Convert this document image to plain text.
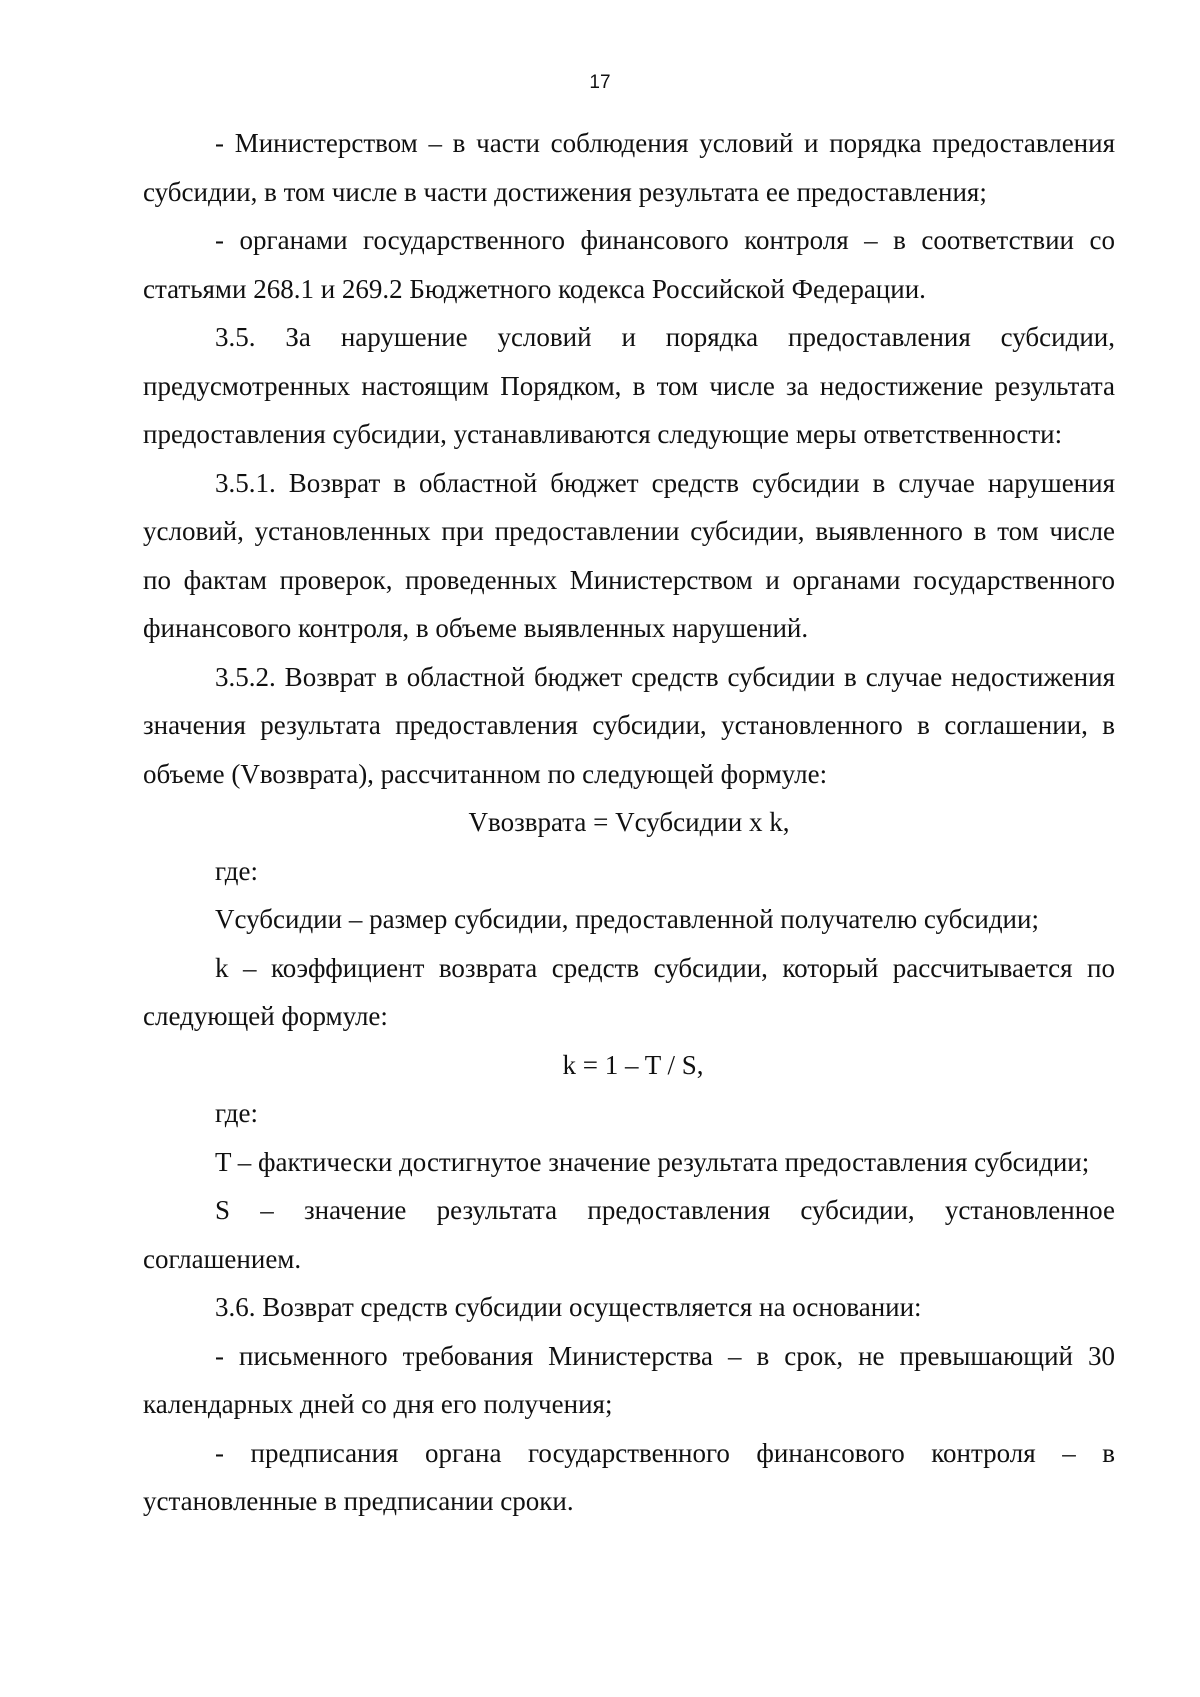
17

- Министерством – в части соблюдения условий и порядка предоставления субсидии, в том числе в части достижения результата ее предоставления;

- органами государственного финансового контроля – в соответствии со статьями 268.1 и 269.2 Бюджетного кодекса Российской Федерации.

3.5. За нарушение условий и порядка предоставления субсидии, предусмотренных настоящим Порядком, в том числе за недостижение результата предоставления субсидии, устанавливаются следующие меры ответственности:

3.5.1. Возврат в областной бюджет средств субсидии в случае нарушения условий, установленных при предоставлении субсидии, выявленного в том числе по фактам проверок, проведенных Министерством и органами государственного финансового контроля, в объеме выявленных нарушений.

3.5.2. Возврат в областной бюджет средств субсидии в случае недостижения значения результата предоставления субсидии, установленного в соглашении, в объеме (Vвозврата), рассчитанном по следующей формуле:

Vвозврата = Vсубсидии x k,

где:

Vсубсидии – размер субсидии, предоставленной получателю субсидии;

k – коэффициент возврата средств субсидии, который рассчитывается по следующей формуле:

k = 1 – T / S,

где:

T – фактически достигнутое значение результата предоставления субсидии;

S – значение результата предоставления субсидии, установленное соглашением.

3.6. Возврат средств субсидии осуществляется на основании:

- письменного требования Министерства – в срок, не превышающий 30 календарных дней со дня его получения;

- предписания органа государственного финансового контроля – в установленные в предписании сроки.
